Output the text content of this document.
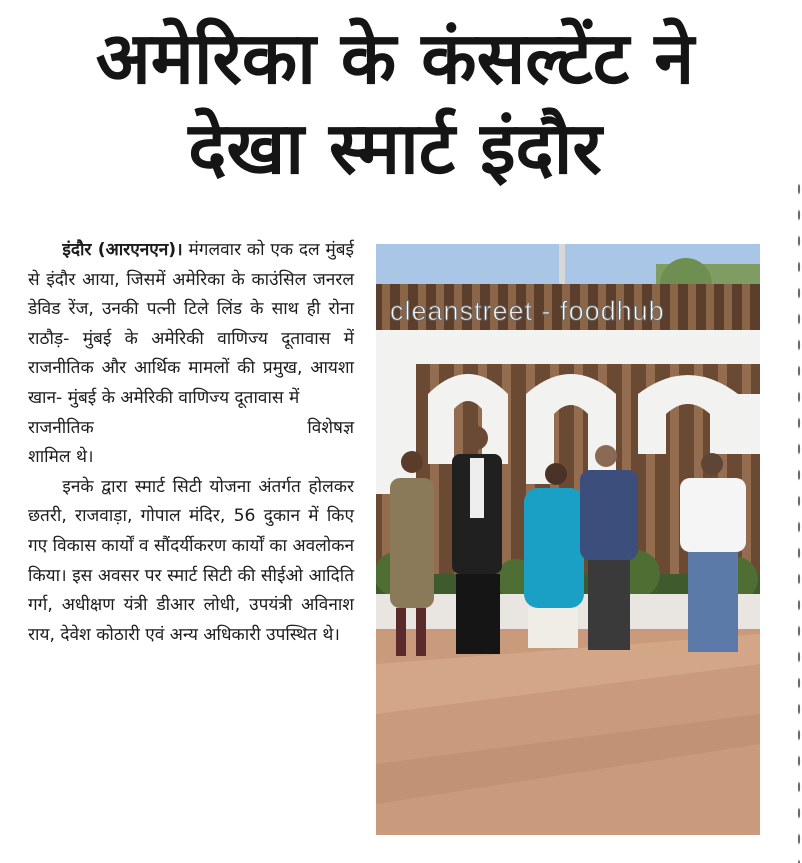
अमेरिका के कंसल्टेंट ने
देखा स्मार्ट इंदौर

इंदौर (आरएनएन)। मंगलवार को एक दल मुंबई से इंदौर आया, जिसमें अमेरिका के काउंसिल जनरल डेविड रेंज, उनकी पत्नी टिले लिंड के साथ ही रोना राठौड़- मुंबई के अमेरिकी वाणिज्य दूतावास में राजनीतिक और आर्थिक मामलों की प्रमुख, आयशा खान- मुंबई के अमेरिकी वाणिज्य दूतावास में

राजनीतिक	विशेषज्ञ

शामिल थे।

इनके द्वारा स्मार्ट सिटी योजना अंतर्गत होलकर छतरी, राजवाड़ा, गोपाल मंदिर, 56 दुकान में किए गए विकास कार्यों व सौंदर्यीकरण कार्यों का अवलोकन किया। इस अवसर पर स्मार्ट सिटी की सीईओ आदिति गर्ग, अधीक्षण यंत्री डीआर लोधी, उपयंत्री अविनाश राय, देवेश कोठारी एवं अन्य अधिकारी उपस्थित थे।

cleanstreet - foodhub
